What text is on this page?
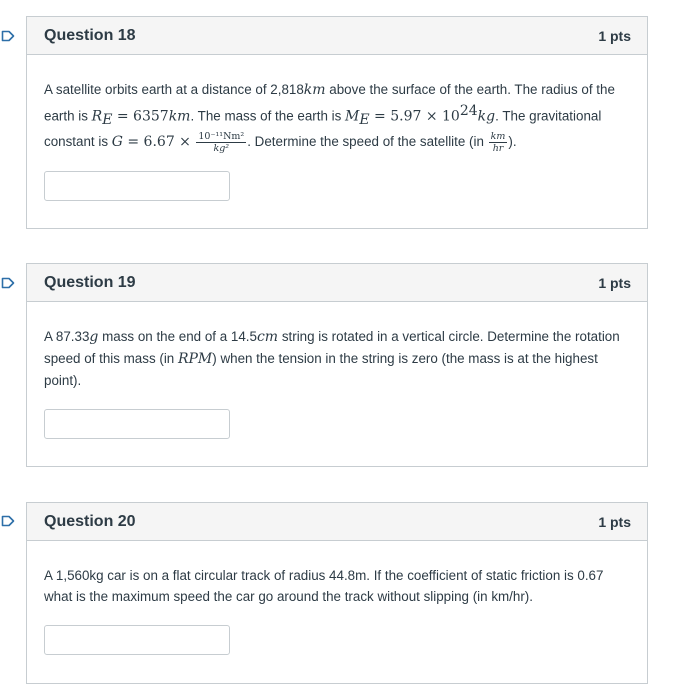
Question 18	1 pts
A satellite orbits earth at a distance of 2,818km above the surface of the earth. The radius of the earth is $R_E = 6357km$. The mass of the earth is $M_E = 5.97 \times 10^{24}kg$. The gravitational constant is $G = 6.67 \times \frac{\text{10⁻¹¹Nm²}}{\text{kg²}}$ . Determine the speed of the satellite ($in \frac{km}{hr}$ ).
Question 19	1 pts
A 87.33g mass on the end of a 14.5cm string is rotated in a vertical circle. Determine the rotation speed of this mass (in RPM) when the tension in the string is zero (the mass is at the highest point).
Question 20	1 pts
A 1,560kg car is on a flat circular track of radius 44.8m. If the coefficient of static friction is 0.67 what is the maximum speed the car go around the track without slipping (in km/hr).
